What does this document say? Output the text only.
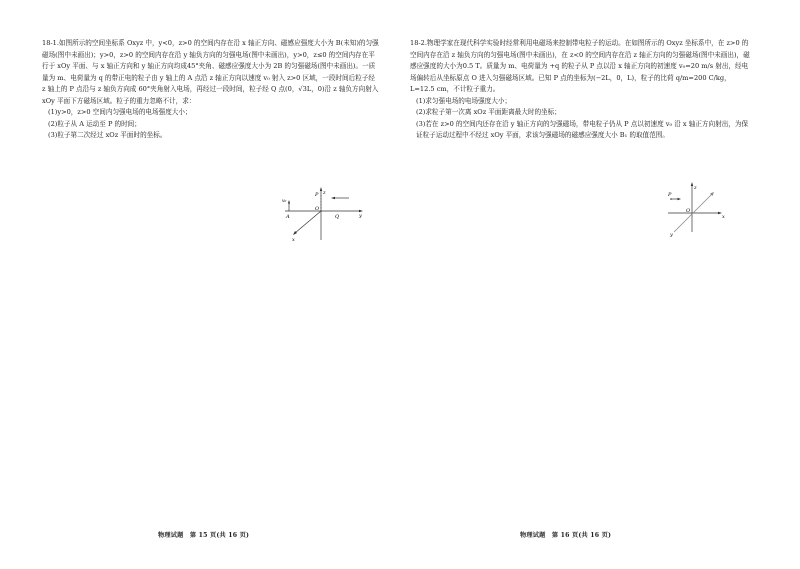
18-1.如图所示的空间坐标系 Oxyz 中，y<0，z>0 的空间内存在沿 x 轴正方向、磁感应强度大小为 B(未知)的匀强磁场(图中未画出)；y>0，z>0 的空间内存在沿 y 轴负方向的匀强电场(图中未画出)，y>0，z≤0 的空间内存在平行于 xOy 平面、与 x 轴正方向和 y 轴正方向均成45°夹角、磁感应强度大小为 2B 的匀强磁场(图中未画出)。一质量为 m、电荷量为 q 的带正电的粒子由 y 轴上的 A 点沿 z 轴正方向以速度 v₀ 射入 z>0 区域，一段时间后粒子经 z 轴上的 P 点沿与 z 轴负方向成 60°夹角射入电场，再经过一段时间，粒子经 Q 点(0，√3L，0)沿 z 轴负方向射入 xOy 平面下方磁场区域。粒子的重力忽略不计，求：

(1)y>0，z>0 空间内匀强电场的电场强度大小；

(2)粒子从 A 运动至 P 的时间；

(3)粒子第二次经过 xOz 平面时的坐标。

z
v₀
P
O
A	Q	y
x

18-2.物理学家在现代科学实验时经常利用电磁场来控制带电粒子的运动。在如图所示的 Oxyz 坐标系中，在 z>0 的空间内存在沿 z 轴负方向的匀强电场(图中未画出)，在 z<0 的空间内存在沿 z 轴正方向的匀强磁场(图中未画出)，磁感应强度的大小为0.5 T。质量为 m、电荷量为 +q 的粒子从 P 点以沿 x 轴正方向的初速度 v₀=20 m/s 射出，经电场偏转后从坐标原点 O 进入匀强磁场区域。已知 P 点的坐标为(−2L，0，L)，粒子的比荷 q/m=200 C/kg，L=12.5 cm，不计粒子重力。

(1)求匀强电场的电场强度大小；

(2)求粒子第一次离 xOz 平面距离最大时的坐标；

(3)若在 z>0 的空间内还存在沿 y 轴正方向的匀强磁场，带电粒子仍从 P 点以初速度 v₀ 沿 x 轴正方向射出，为保证粒子运动过程中不经过 xOy 平面，求该匀强磁场的磁感应强度大小 B₁ 的取值范围。

z
P
O
x
y
物理试题　第 15 页(共 16 页)	物理试题　第 16 页(共 16 页)
